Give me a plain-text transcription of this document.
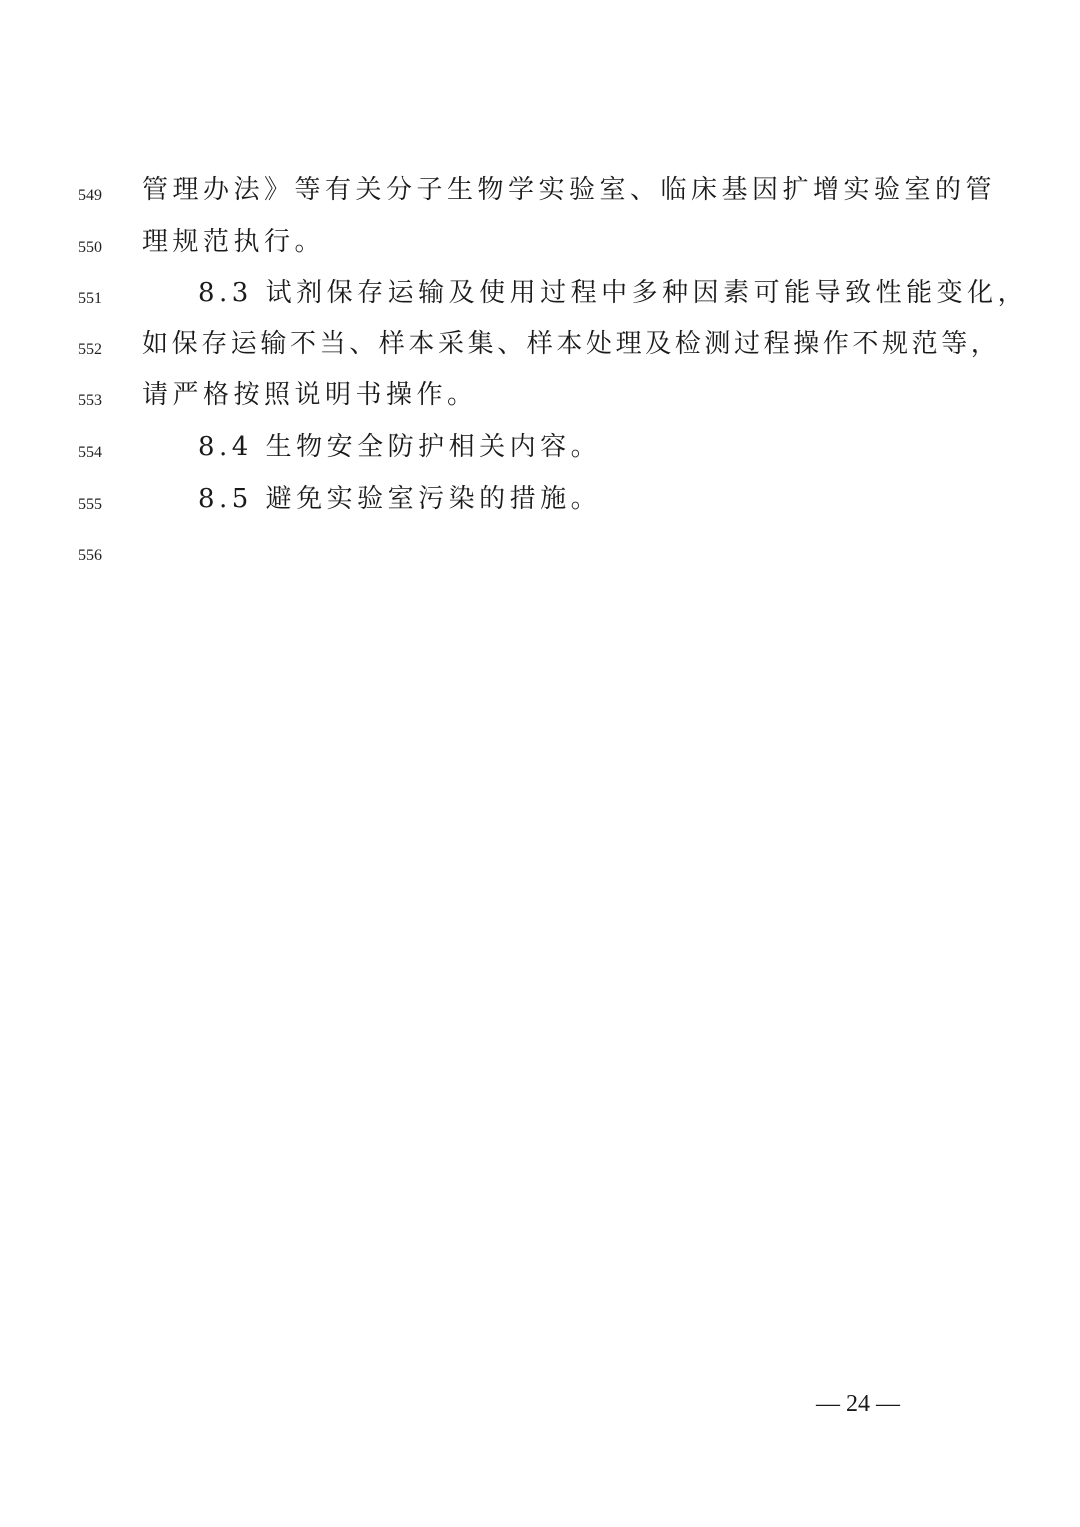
549 管理办法》等有关分子生物学实验室、临床基因扩增实验室的管
550 理规范执行。
551	8.3 试剂保存运输及使用过程中多种因素可能导致性能变化，
552 如保存运输不当、样本采集、样本处理及检测过程操作不规范等，
553 请严格按照说明书操作。
554	8.4 生物安全防护相关内容。
555	8.5 避免实验室污染的措施。
556
— 24 —
